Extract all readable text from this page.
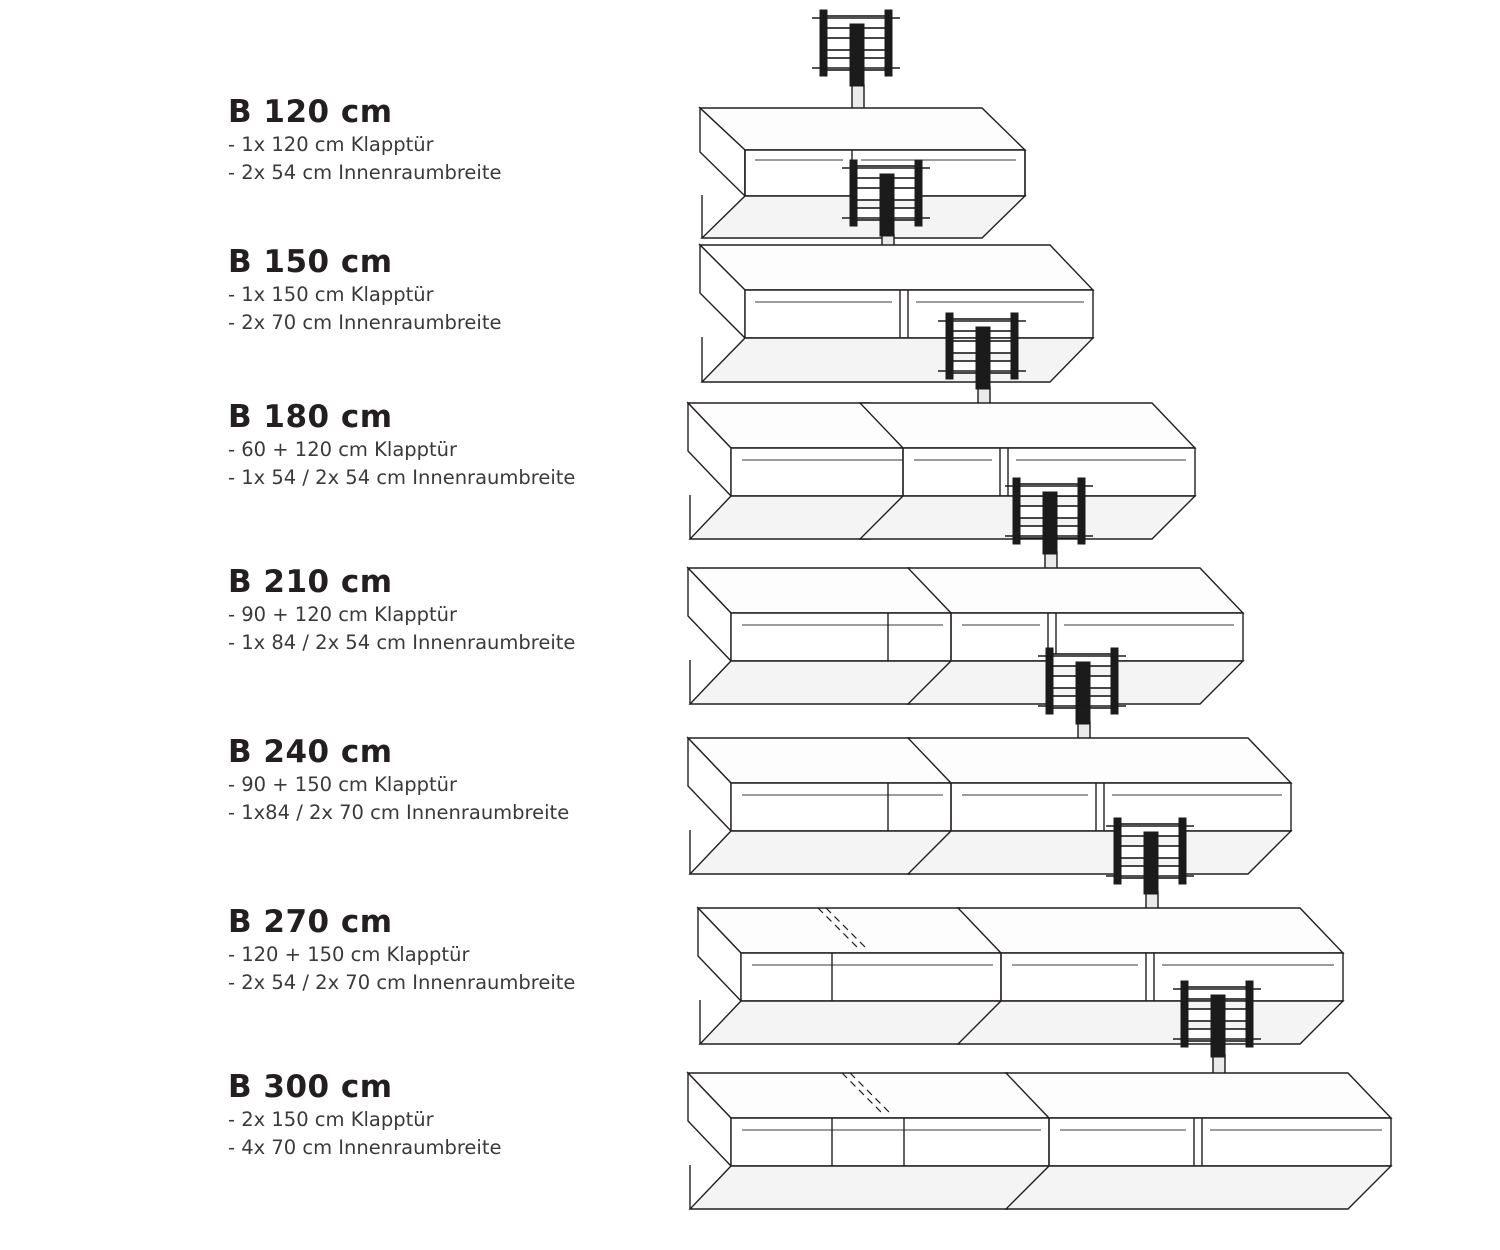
B 120 cm
- 1x 120 cm Klapptür
- 2x 54 cm Innenraumbreite
B 150 cm
- 1x 150 cm Klapptür
- 2x 70 cm Innenraumbreite
B 180 cm
- 60 + 120 cm Klapptür
- 1x 54 / 2x 54 cm Innenraumbreite
B 210 cm
- 90 + 120 cm Klapptür
- 1x 84 / 2x 54 cm Innenraumbreite
B 240 cm
- 90 + 150 cm Klapptür
- 1x84 / 2x 70 cm Innenraumbreite
B 270 cm
- 120 + 150 cm Klapptür
- 2x 54 / 2x 70 cm Innenraumbreite
B 300 cm
- 2x 150 cm Klapptür
- 4x 70 cm Innenraumbreite
